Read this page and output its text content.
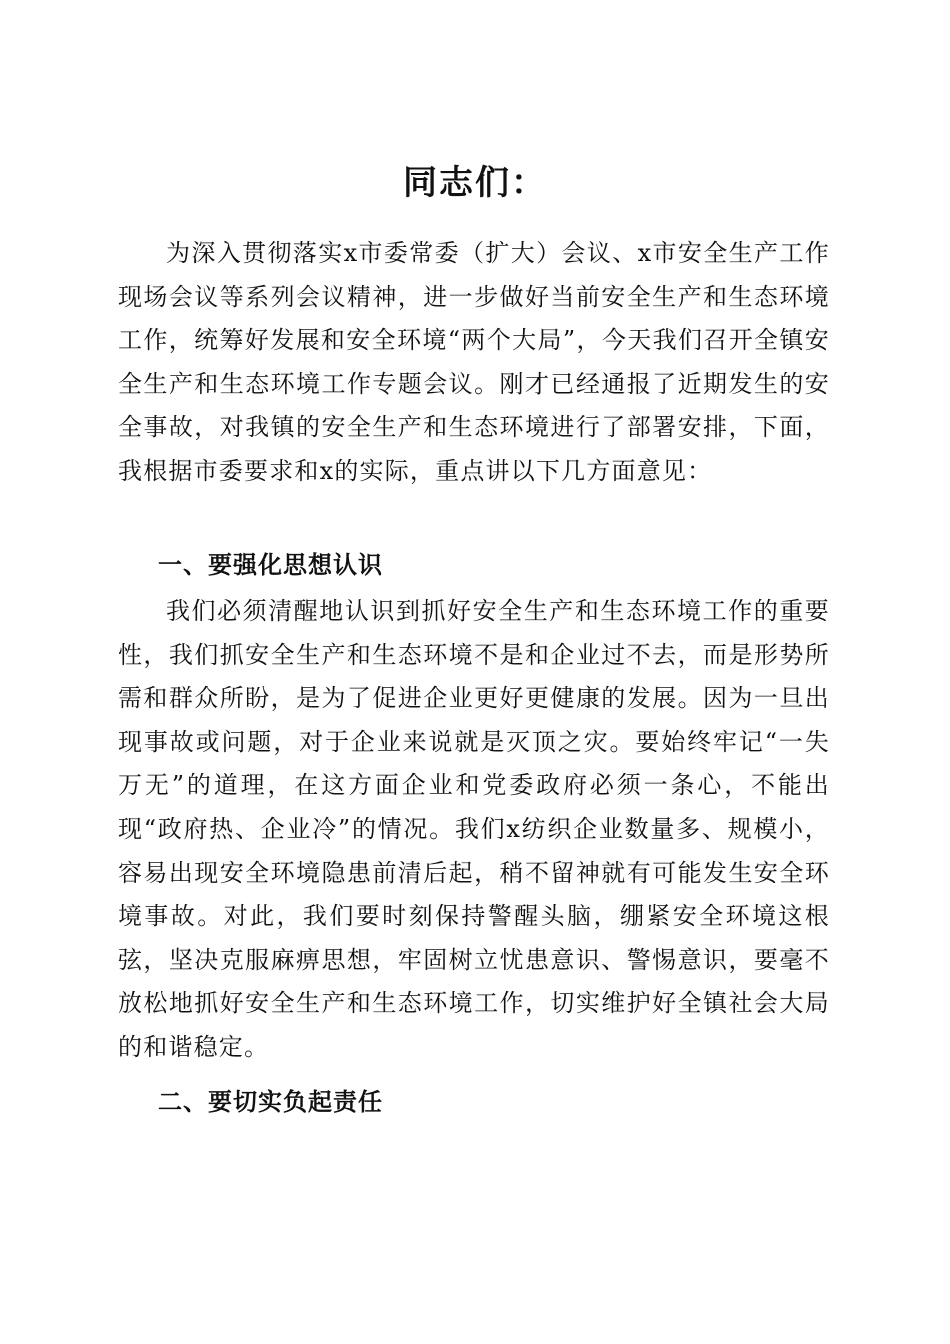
同志们：

为深入贯彻落实x市委常委（扩大）会议、x市安全生产工作现场会议等系列会议精神，进一步做好当前安全生产和生态环境工作，统筹好发展和安全环境“两个大局”，今天我们召开全镇安全生产和生态环境工作专题会议。刚才已经通报了近期发生的安全事故，对我镇的安全生产和生态环境进行了部署安排，下面，我根据市委要求和x的实际，重点讲以下几方面意见：

一、要强化思想认识

我们必须清醒地认识到抓好安全生产和生态环境工作的重要性，我们抓安全生产和生态环境不是和企业过不去，而是形势所需和群众所盼，是为了促进企业更好更健康的发展。因为一旦出现事故或问题，对于企业来说就是灭顶之灾。要始终牢记“一失万无”的道理，在这方面企业和党委政府必须一条心，不能出现“政府热、企业冷”的情况。我们x纺织企业数量多、规模小，容易出现安全环境隐患前清后起，稍不留神就有可能发生安全环境事故。对此，我们要时刻保持警醒头脑，绷紧安全环境这根弦，坚决克服麻痹思想，牢固树立忧患意识、警惕意识，要毫不放松地抓好安全生产和生态环境工作，切实维护好全镇社会大局的和谐稳定。

二、要切实负起责任
